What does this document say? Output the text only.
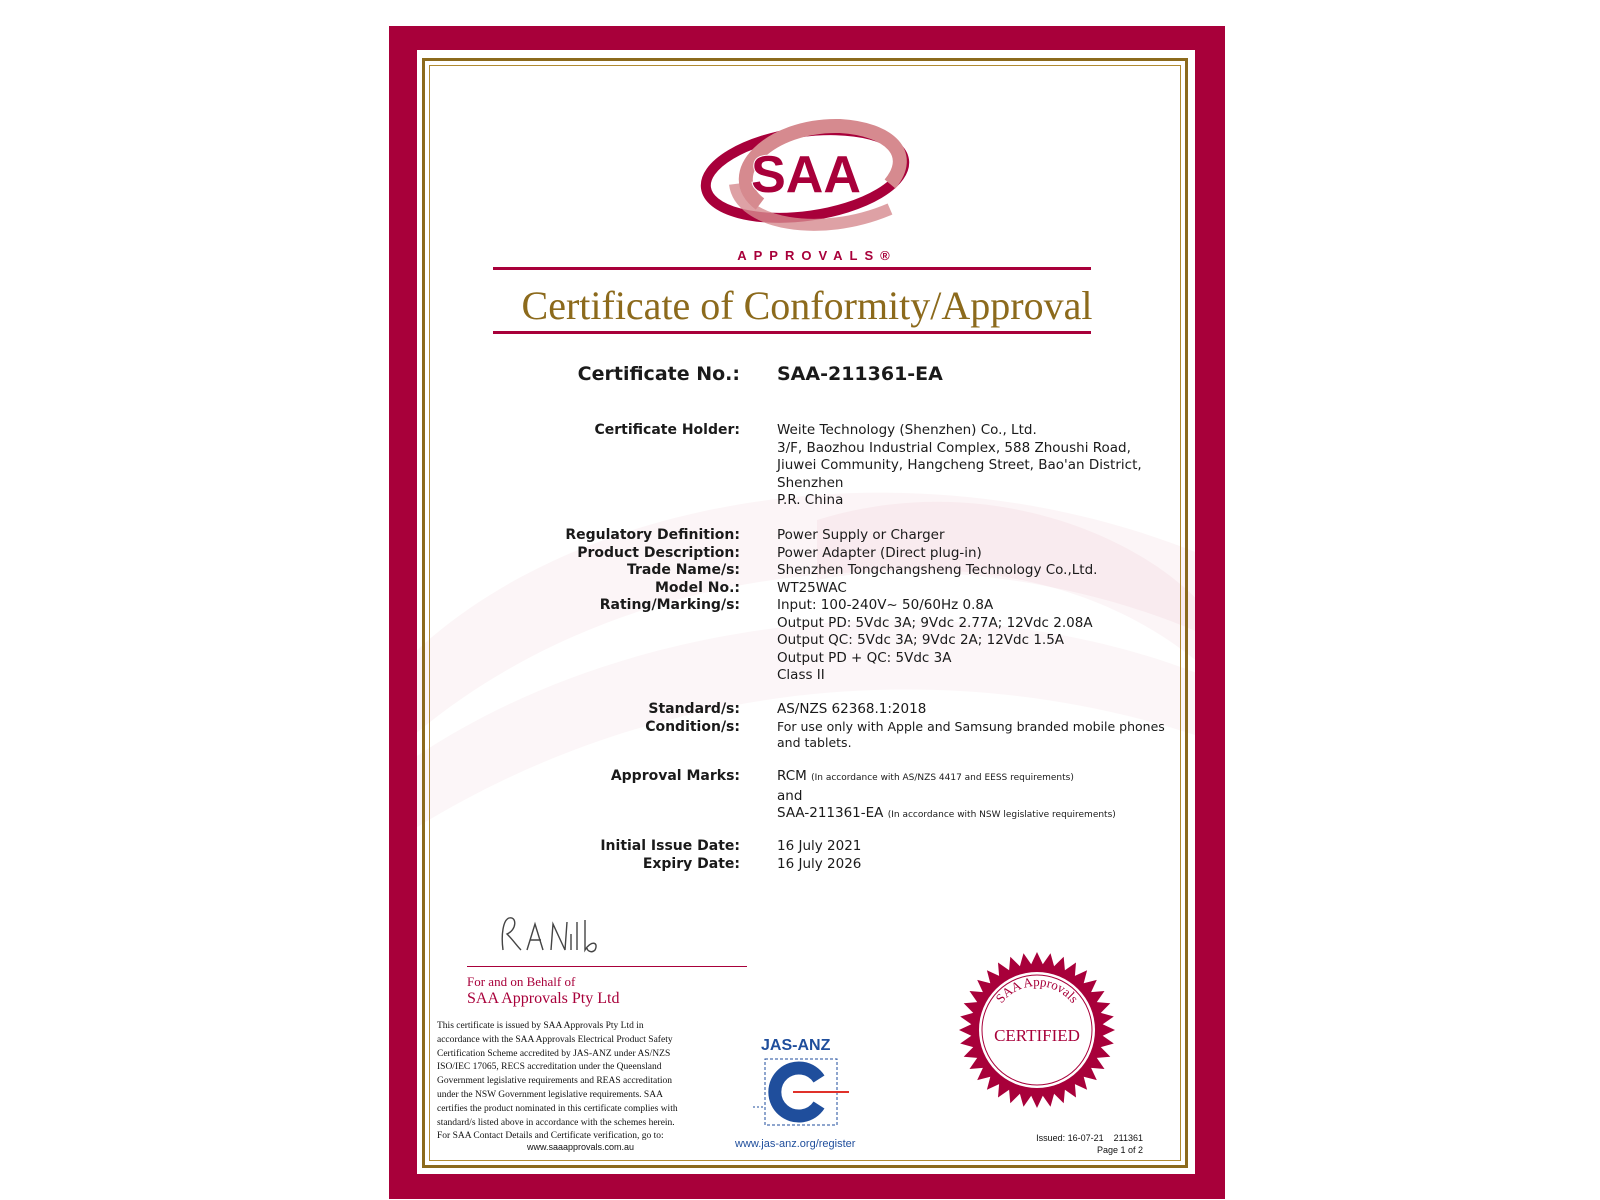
SAA
APPROVALS®
Certificate of Conformity/Approval
Certificate No.: SAA-211361-EA
Certificate Holder:	Weite Technology (Shenzhen) Co., Ltd.
3/F, Baozhou Industrial Complex, 588 Zhoushi Road,
Jiuwei Community, Hangcheng Street, Bao'an District,
Shenzhen
P.R. China
Regulatory Definition:	Power Supply or Charger
Product Description:	Power Adapter (Direct plug-in)
Trade Name/s:	Shenzhen Tongchangsheng Technology Co.,Ltd.
Model No.:	WT25WAC
Rating/Marking/s:	Input: 100-240V~ 50/60Hz 0.8A
Output PD: 5Vdc 3A; 9Vdc 2.77A; 12Vdc 2.08A
Output QC: 5Vdc 3A; 9Vdc 2A; 12Vdc 1.5A
Output PD + QC: 5Vdc 3A
Class II
Standard/s:	AS/NZS 62368.1:2018
Condition/s:	For use only with Apple and Samsung branded mobile phones
and tablets.
Approval Marks:	RCM (In accordance with AS/NZS 4417 and EESS requirements)
and
SAA-211361-EA (In accordance with NSW legislative requirements)
Initial Issue Date:	16 July 2021
Expiry Date:	16 July 2026
For and on Behalf of
SAA Approvals Pty Ltd
This certificate is issued by SAA Approvals Pty Ltd in
accordance with the SAA Approvals Electrical Product Safety
Certification Scheme accredited by JAS-ANZ under AS/NZS
ISO/IEC 17065, RECS accreditation under the Queensland
Government legislative requirements and REAS accreditation
under the NSW Government legislative requirements. SAA
certifies the product nominated in this certificate complies with
standard/s listed above in accordance with the schemes herein.
For SAA Contact Details and Certificate verification, go to:
www.saaapprovals.com.au
JAS-ANZ
www.jas-anz.org/register
SAA Approvals
CERTIFIED
Issued: 16-07-21    211361
Page 1 of 2
